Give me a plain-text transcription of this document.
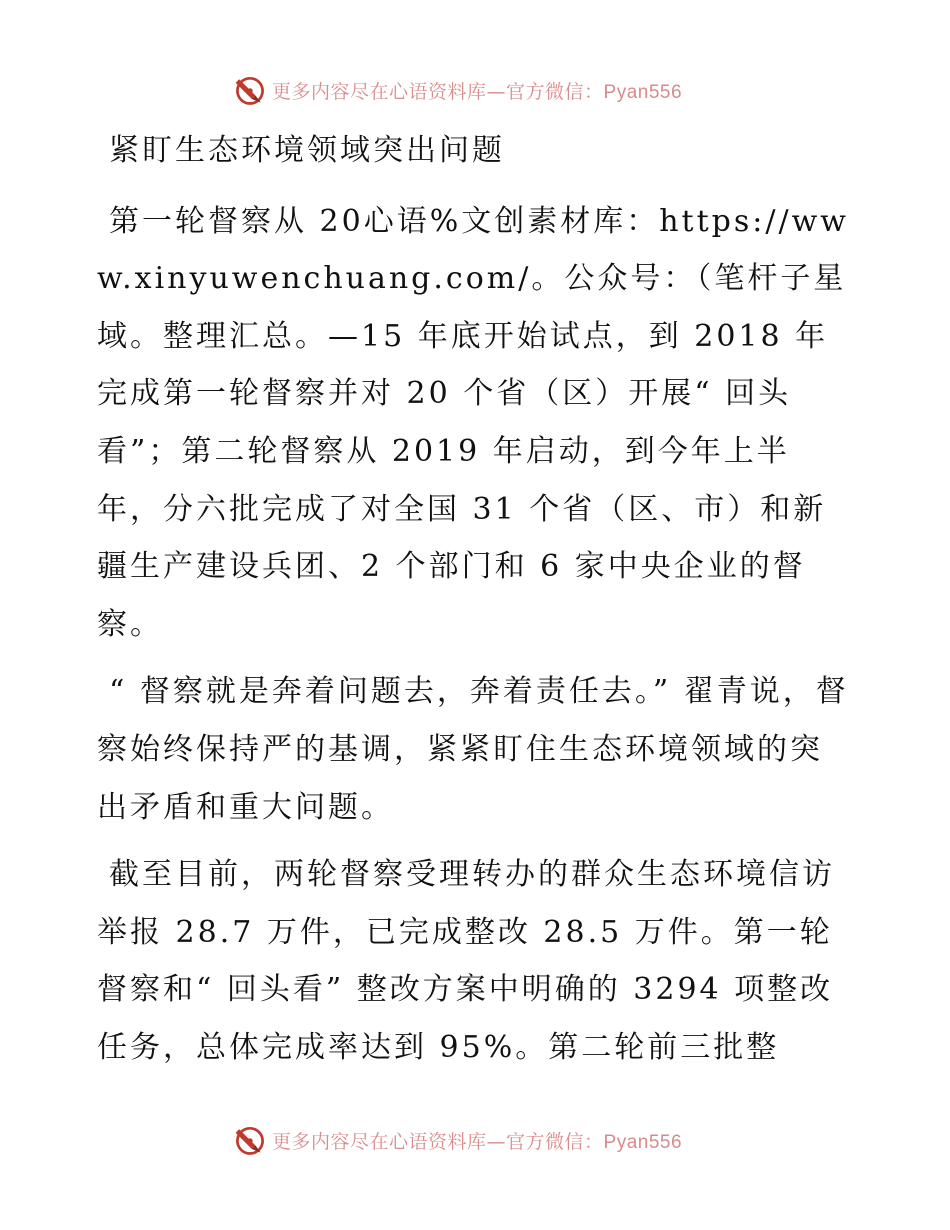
更多内容尽在心语资料库—官方微信：Pyan556
紧盯生态环境领域突出问题
第一轮督察从 20心语%文创素材库：https://www.xinyuwenchuang.com/。公众号：（笔杆子星域。整理汇总。—15 年底开始试点，到 2018 年完成第一轮督察并对 20 个省（区）开展“ 回头看”；第二轮督察从 2019 年启动，到今年上半年，分六批完成了对全国 31 个省（区、市）和新疆生产建设兵团、2 个部门和 6 家中央企业的督察。
“ 督察就是奔着问题去，奔着责任去。” 翟青说，督察始终保持严的基调，紧紧盯住生态环境领域的突出矛盾和重大问题。
截至目前，两轮督察受理转办的群众生态环境信访举报 28.7 万件，已完成整改 28.5 万件。第一轮督察和“ 回头看” 整改方案中明确的 3294 项整改任务，总体完成率达到 95%。第二轮前三批整
更多内容尽在心语资料库—官方微信：Pyan556
